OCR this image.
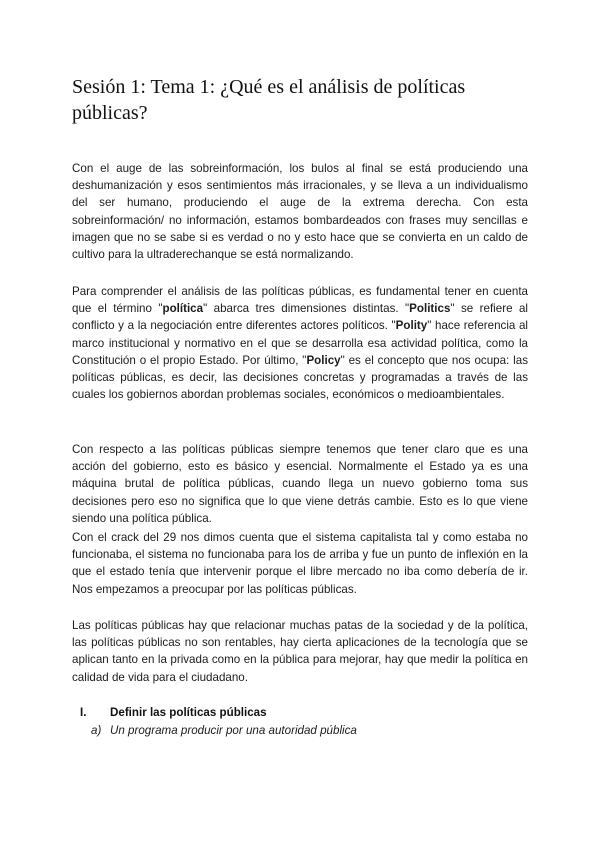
Sesión 1: Tema 1: ¿Qué es el análisis de políticas públicas?

Con el auge de las sobreinformación, los bulos al final se está produciendo una deshumanización y esos sentimientos más irracionales, y se lleva a un individualismo del ser humano, produciendo el auge de la extrema derecha. Con esta sobreinformación/ no información, estamos bombardeados con frases muy sencillas e imagen que no se sabe si es verdad o no y esto hace que se convierta en un caldo de cultivo para la ultraderechanque se está normalizando.

Para comprender el análisis de las políticas públicas, es fundamental tener en cuenta que el término "política" abarca tres dimensiones distintas. "Politics" se refiere al conflicto y a la negociación entre diferentes actores políticos. "Polity" hace referencia al marco institucional y normativo en el que se desarrolla esa actividad política, como la Constitución o el propio Estado. Por último, "Policy" es el concepto que nos ocupa: las políticas públicas, es decir, las decisiones concretas y programadas a través de las cuales los gobiernos abordan problemas sociales, económicos o medioambientales.

Con respecto a las políticas públicas siempre tenemos que tener claro que es una acción del gobierno, esto es básico y esencial. Normalmente el Estado ya es una máquina brutal de política públicas, cuando llega un nuevo gobierno toma sus decisiones pero eso no significa que lo que viene detrás cambie. Esto es lo que viene siendo una política pública.

Con el crack del 29 nos dimos cuenta que el sistema capitalista tal y como estaba no funcionaba, el sistema no funcionaba para los de arriba y fue un punto de inflexión en la que el estado tenía que intervenir porque el libre mercado no iba como debería de ir. Nos empezamos a preocupar por las políticas públicas.

Las políticas públicas hay que relacionar muchas patas de la sociedad y de la política, las políticas públicas no son rentables, hay cierta aplicaciones de la tecnología que se aplican tanto en la privada como en la pública para mejorar, hay que medir la política en calidad de vida para el ciudadano.

I. Definir las políticas públicas
a) Un programa producir por una autoridad pública
